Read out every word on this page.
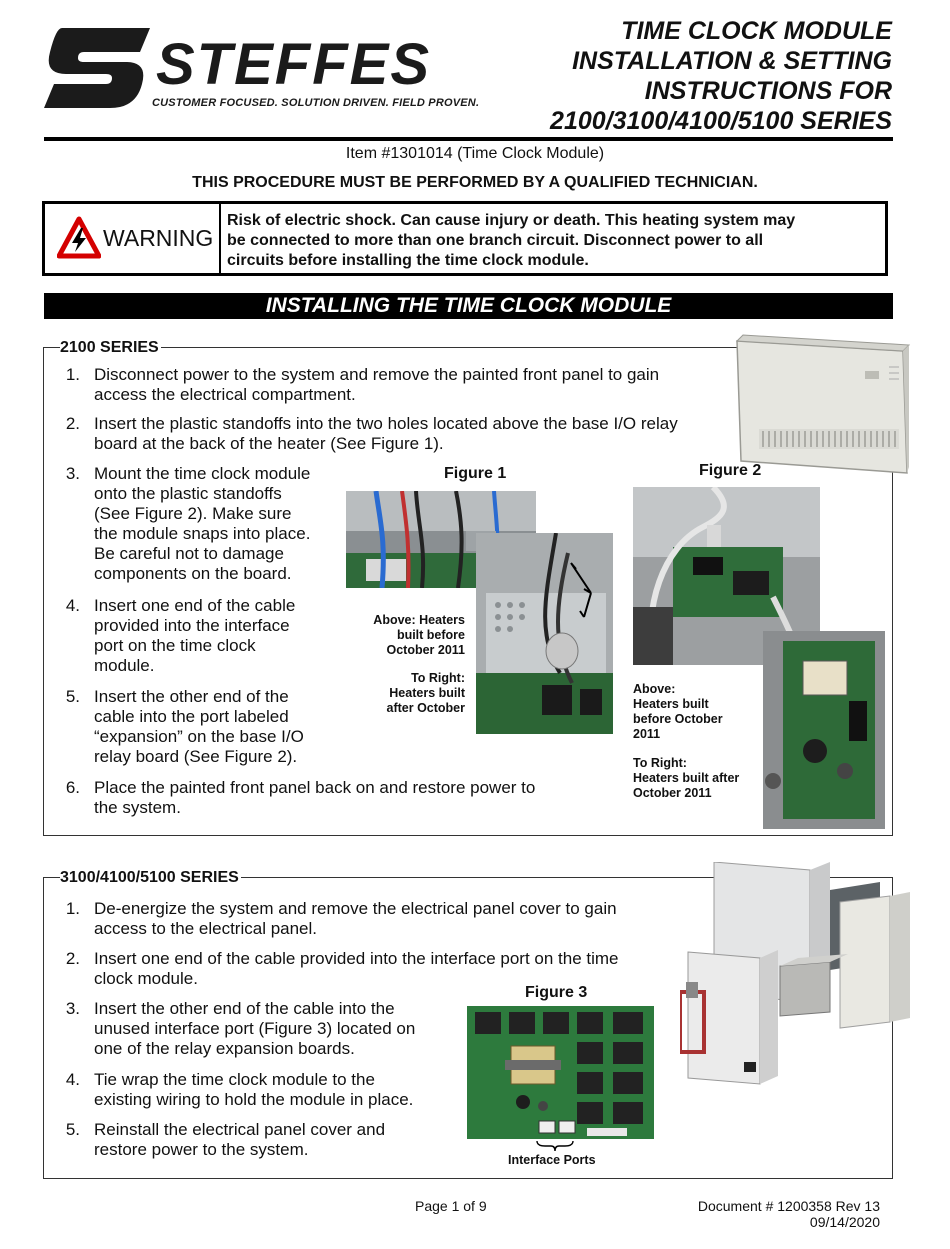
STEFFES
CUSTOMER FOCUSED. SOLUTION DRIVEN. FIELD PROVEN.
TIME CLOCK MODULE
INSTALLATION & SETTING
INSTRUCTIONS FOR
2100/3100/4100/5100 SERIES
Item #1301014 (Time Clock Module)
THIS PROCEDURE MUST BE PERFORMED BY A QUALIFIED TECHNICIAN.
WARNING
Risk of electric shock. Can cause injury or death. This heating system may
be connected to more than one branch circuit. Disconnect power to all
circuits before installing the time clock module.
INSTALLING THE TIME CLOCK MODULE
2100 SERIES
1. Disconnect power to the system and remove the painted front panel to gain
access the electrical compartment.
2. Insert the plastic standoffs into the two holes located above the base I/O relay
board at the back of the heater (See Figure 1).
3. Mount the time clock module
onto the plastic standoffs
(See Figure 2). Make sure
the module snaps into place.
Be careful not to damage
components on the board.
4. Insert one end of the cable
provided into the interface
port on the time clock
module.
5. Insert the other end of the
cable into the port labeled
“expansion” on the base I/O
relay board (See Figure 2).
6. Place the painted front panel back on and restore power to
the system.
Figure 1
Above: Heaters
built before
October 2011
To Right:
Heaters built
after October
Figure 2
Above:
Heaters built
before October
2011
To Right:
Heaters built after
October 2011
3100/4100/5100 SERIES
1. De-energize the system and remove the electrical panel cover to gain
access to the electrical panel.
2. Insert one end of the cable provided into the interface port on the time
clock module.
3. Insert the other end of the cable into the
unused interface port (Figure 3) located on
one of the relay expansion boards.
4. Tie wrap the time clock module to the
existing wiring to hold the module in place.
5. Reinstall the electrical panel cover and
restore power to the system.
Figure 3
Interface Ports
Page 1 of 9	Document # 1200358 Rev 13
09/14/2020
